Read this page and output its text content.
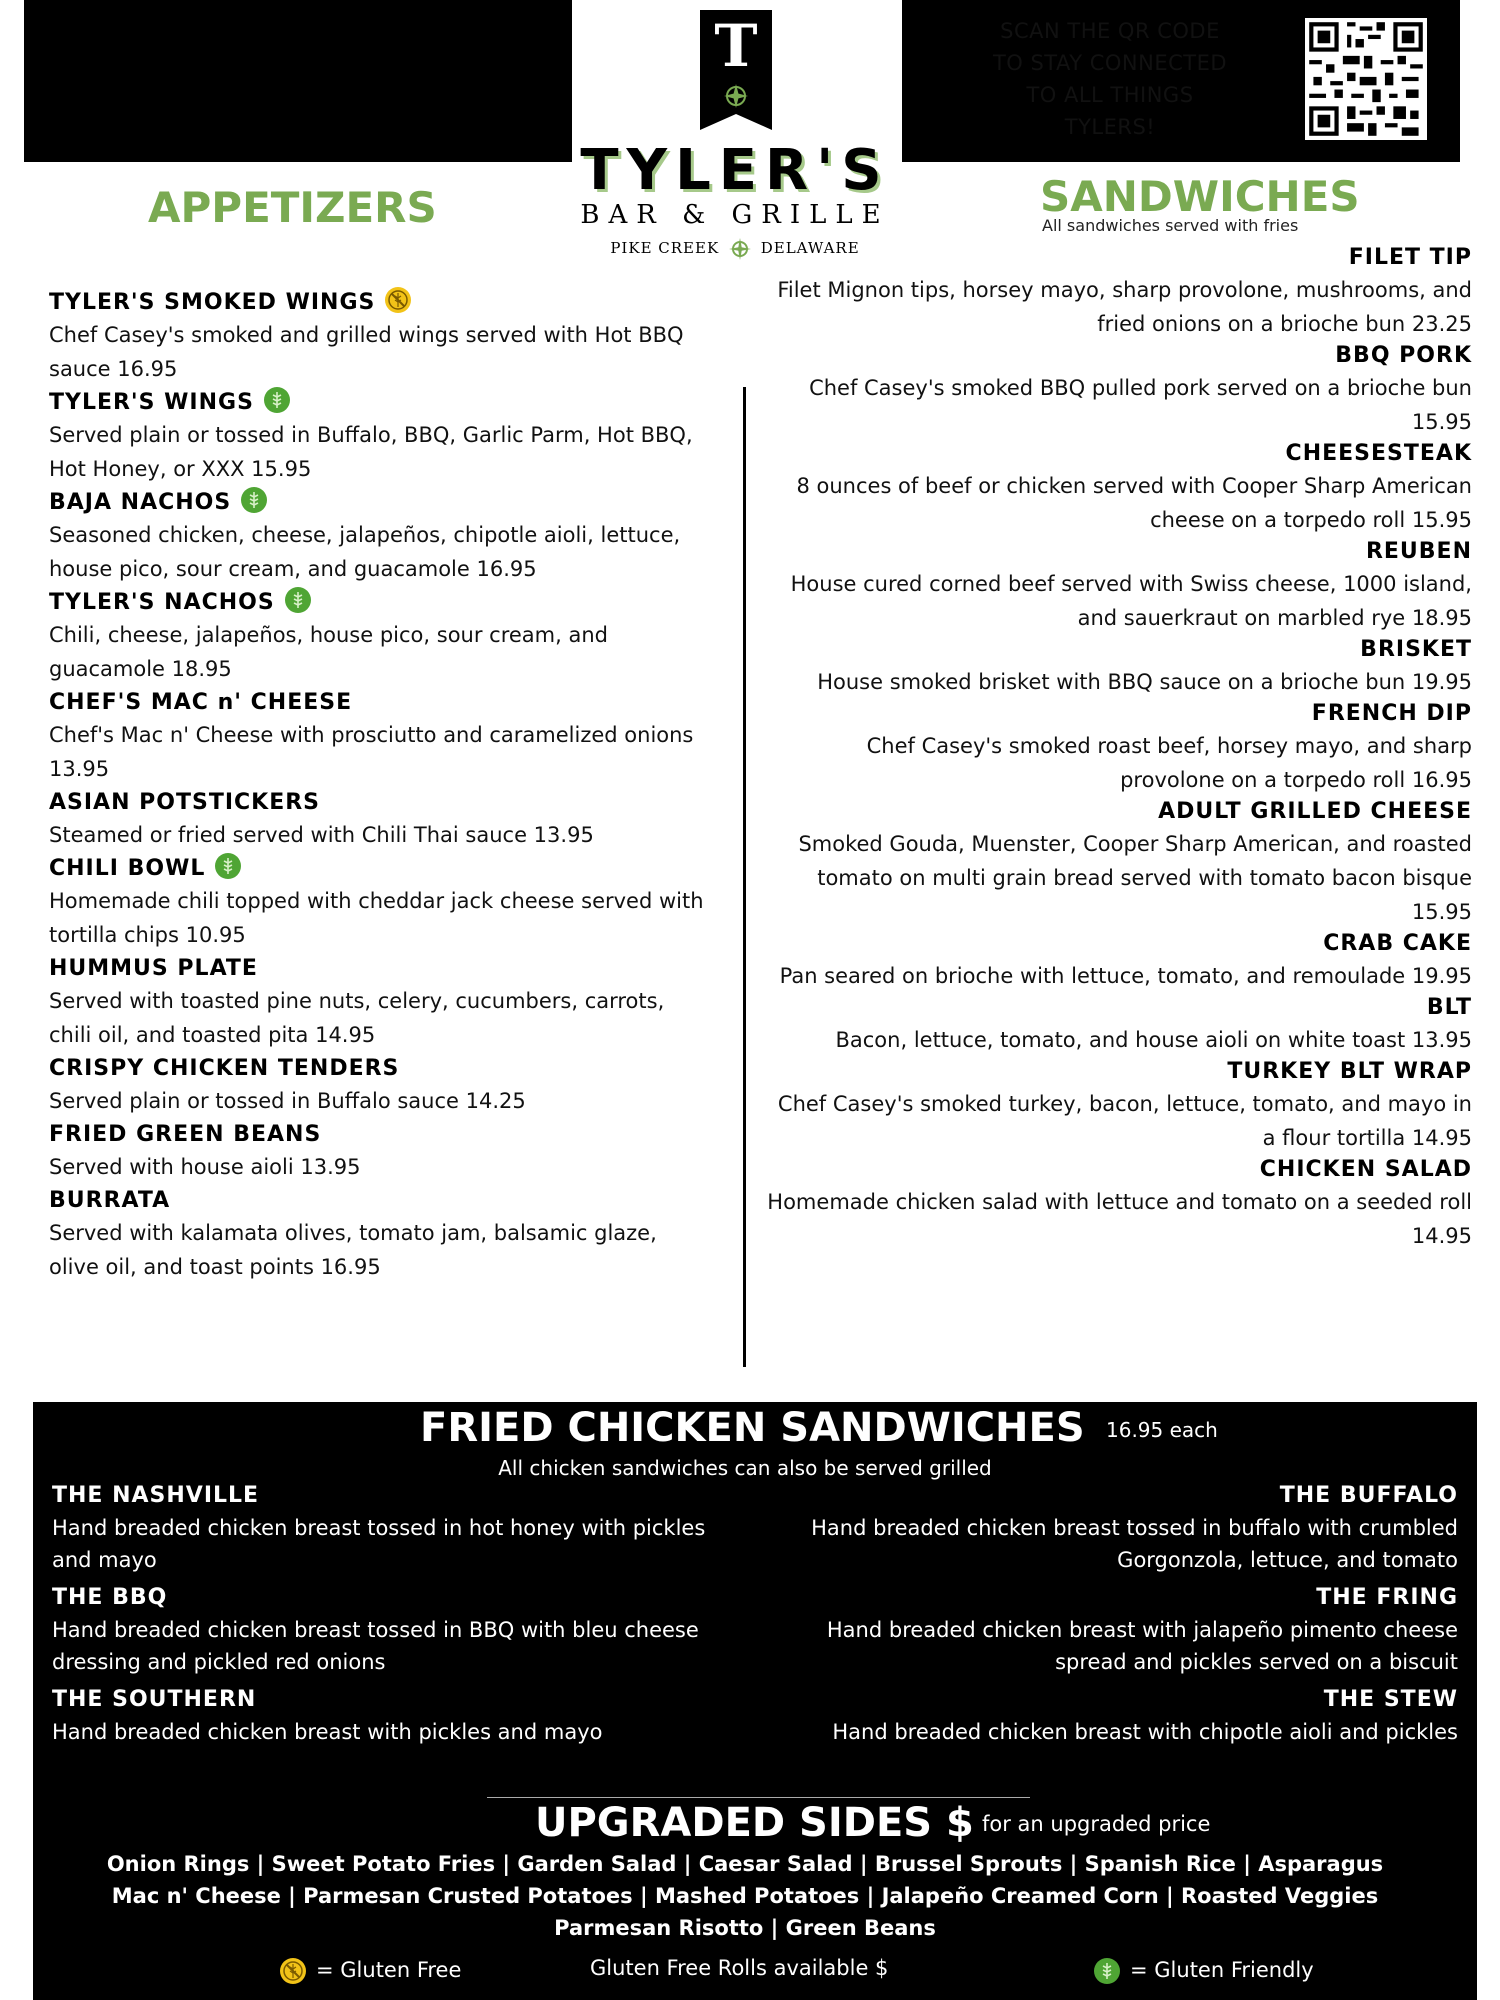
SCAN THE QR CODE
TO STAY CONNECTED
TO ALL THINGS
TYLERS!
T
TYLER'S
BAR & GRILLE
PIKE CREEK	DELAWARE
APPETIZERS
TYLER'S SMOKED WINGS
Chef Casey's smoked and grilled wings served with Hot BBQ sauce 16.95
TYLER'S WINGS
Served plain or tossed in Buffalo, BBQ, Garlic Parm, Hot BBQ, Hot Honey, or XXX 15.95
BAJA NACHOS
Seasoned chicken, cheese, jalapeños, chipotle aioli, lettuce, house pico, sour cream, and guacamole 16.95
TYLER'S NACHOS
Chili, cheese, jalapeños, house pico, sour cream, and guacamole 18.95
CHEF'S MAC n' CHEESE
Chef's Mac n' Cheese with prosciutto and caramelized onions 13.95
ASIAN POTSTICKERS
Steamed or fried served with Chili Thai sauce 13.95
CHILI BOWL
Homemade chili topped with cheddar jack cheese served with tortilla chips 10.95
HUMMUS PLATE
Served with toasted pine nuts, celery, cucumbers, carrots, chili oil, and toasted pita 14.95
CRISPY CHICKEN TENDERS
Served plain or tossed in Buffalo sauce 14.25
FRIED GREEN BEANS
Served with house aioli 13.95
BURRATA
Served with kalamata olives, tomato jam, balsamic glaze, olive oil, and toast points 16.95
SANDWICHES
All sandwiches served with fries
FILET TIP
Filet Mignon tips, horsey mayo, sharp provolone, mushrooms, and fried onions on a brioche bun 23.25
BBQ PORK
Chef Casey's smoked BBQ pulled pork served on a brioche bun 15.95
CHEESESTEAK
8 ounces of beef or chicken served with Cooper Sharp American cheese on a torpedo roll 15.95
REUBEN
House cured corned beef served with Swiss cheese, 1000 island, and sauerkraut on marbled rye 18.95
BRISKET
House smoked brisket with BBQ sauce on a brioche bun 19.95
FRENCH DIP
Chef Casey's smoked roast beef, horsey mayo, and sharp provolone on a torpedo roll 16.95
ADULT GRILLED CHEESE
Smoked Gouda, Muenster, Cooper Sharp American, and roasted tomato on multi grain bread served with tomato bacon bisque 15.95
CRAB CAKE
Pan seared on brioche with lettuce, tomato, and remoulade 19.95
BLT
Bacon, lettuce, tomato, and house aioli on white toast 13.95
TURKEY BLT WRAP
Chef Casey's smoked turkey, bacon, lettuce, tomato, and mayo in a flour tortilla 14.95
CHICKEN SALAD
Homemade chicken salad with lettuce and tomato on a seeded roll 14.95
FRIED CHICKEN SANDWICHES 16.95 each
All chicken sandwiches can also be served grilled
THE NASHVILLE
Hand breaded chicken breast tossed in hot honey with pickles and mayo
THE BBQ
Hand breaded chicken breast tossed in BBQ with bleu cheese dressing and pickled red onions
THE SOUTHERN
Hand breaded chicken breast with pickles and mayo
THE BUFFALO
Hand breaded chicken breast tossed in buffalo with crumbled Gorgonzola, lettuce, and tomato
THE FRING
Hand breaded chicken breast with jalapeño pimento cheese spread and pickles served on a biscuit
THE STEW
Hand breaded chicken breast with chipotle aioli and pickles
UPGRADED SIDES $ for an upgraded price
Onion Rings | Sweet Potato Fries | Garden Salad | Caesar Salad | Brussel Sprouts | Spanish Rice | Asparagus
Mac n' Cheese | Parmesan Crusted Potatoes | Mashed Potatoes | Jalapeño Creamed Corn | Roasted Veggies
Parmesan Risotto | Green Beans
= Gluten Free	Gluten Free Rolls available $	= Gluten Friendly
